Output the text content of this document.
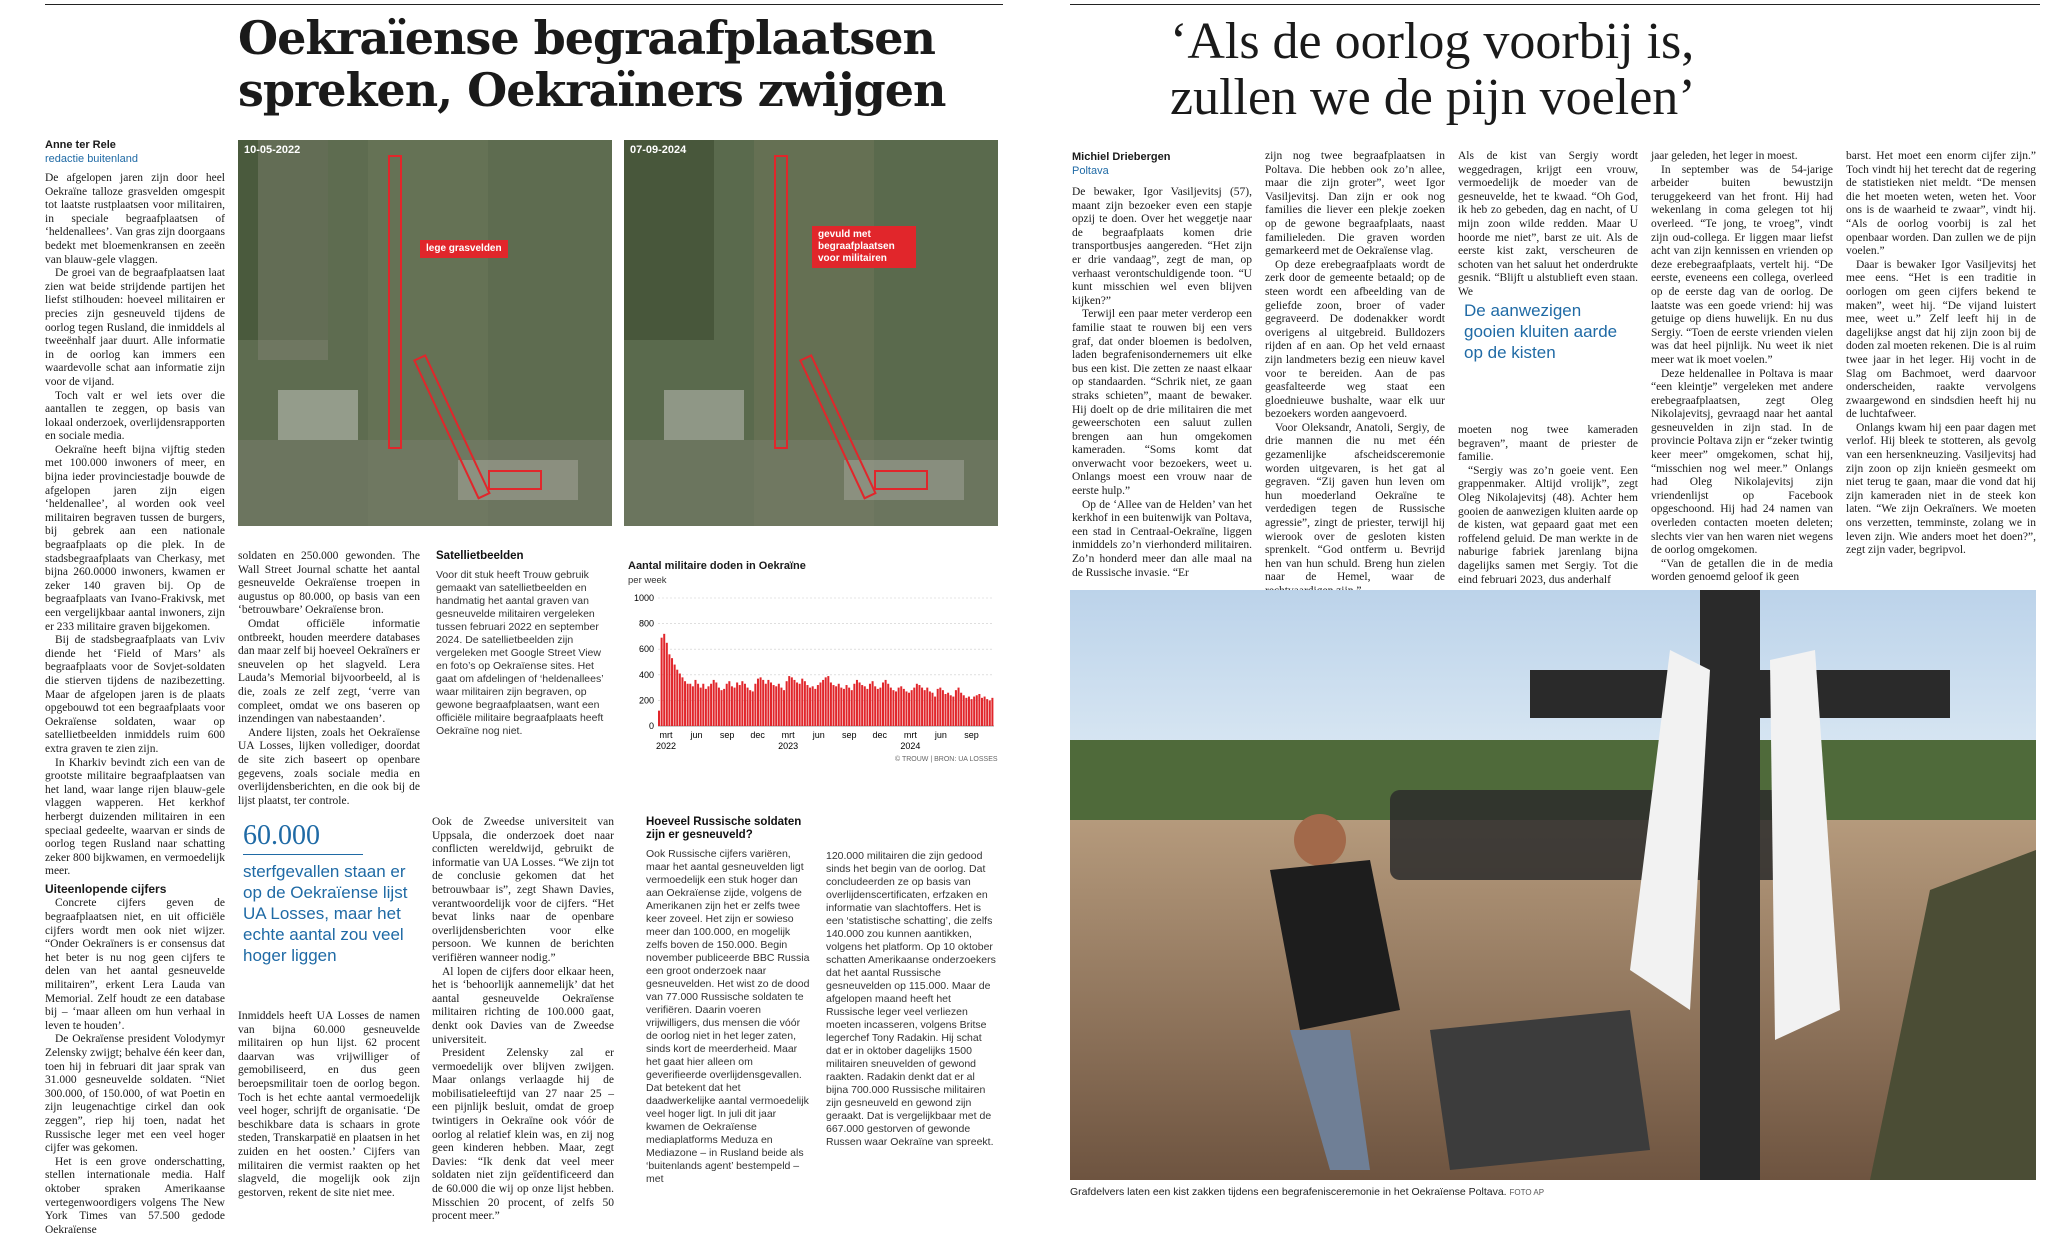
Oekraïense begraafplaatsen
spreken, Oekraïners zwijgen
Anne ter Rele
redactie buitenland

De afgelopen jaren zijn door heel Oekraïne talloze grasvelden omgespit tot laatste rustplaatsen voor militairen, in speciale begraafplaatsen of ‘heldenallees’. Van gras zijn doorgaans bedekt met bloemenkransen en zeeën van blauw-gele vlaggen.

De groei van de begraafplaatsen laat zien wat beide strijdende partijen het liefst stilhouden: hoeveel militairen er precies zijn gesneuveld tijdens de oorlog tegen Rusland, die inmiddels al tweeënhalf jaar duurt. Alle informatie in de oorlog kan immers een waardevolle schat aan informatie zijn voor de vijand.

Toch valt er wel iets over die aantallen te zeggen, op basis van lokaal onderzoek, overlijdensrapporten en sociale media.

Oekraïne heeft bijna vijftig steden met 100.000 inwoners of meer, en bijna ieder provinciestadje bouwde de afgelopen jaren zijn eigen ‘heldenallee’, al worden ook veel militairen begraven tussen de burgers, bij gebrek aan een nationale begraafplaats op die plek. In de stadsbegraafplaats van Cherkasy, met bijna 260.0000 inwoners, kwamen er zeker 140 graven bij. Op de begraafplaats van Ivano-Frakivsk, met een vergelijkbaar aantal inwoners, zijn er 233 militaire graven bijgekomen.

Bij de stadsbegraafplaats van Lviv diende het ‘Field of Mars’ als begraafplaats voor de Sovjet-soldaten die stierven tijdens de nazibezetting. Maar de afgelopen jaren is de plaats opgebouwd tot een begraafplaats voor Oekraïense soldaten, waar op satellietbeelden inmiddels ruim 600 extra graven te zien zijn.

In Kharkiv bevindt zich een van de grootste militaire begraafplaatsen van het land, waar lange rijen blauw-gele vlaggen wapperen. Het kerkhof herbergt duizenden militairen in een speciaal gedeelte, waarvan er sinds de oorlog tegen Rusland naar schatting zeker 800 bijkwamen, en vermoedelijk meer.

Uiteenlopende cijfers

Concrete cijfers geven de begraafplaatsen niet, en uit officiële cijfers wordt men ook niet wijzer. “Onder Oekraïners is er consensus dat het beter is nu nog geen cijfers te delen van het aantal gesneuvelde militairen”, erkent Lera Lauda van Memorial. Zelf houdt ze een database bij – ‘maar alleen om hun verhaal in leven te houden’.

De Oekraïense president Volodymyr Zelensky zwijgt; behalve één keer dan, toen hij in februari dit jaar sprak van 31.000 gesneuvelde soldaten. “Niet 300.000, of 150.000, of wat Poetin en zijn leugenachtige cirkel dan ook zeggen”, riep hij toen, nadat het Russische leger met een veel hoger cijfer was gekomen.

Het is een grove onderschatting, stellen internationale media. Half oktober spraken Amerikaanse vertegenwoordigers volgens The New York Times van 57.500 gedode Oekraïense

10-05-2022
lege grasvelden
07-09-2024
gevuld met begraafplaatsen voor militairen

soldaten en 250.000 gewonden. The Wall Street Journal schatte het aantal gesneuvelde Oekraïense troepen in augustus op 80.000, op basis van een ‘betrouwbare’ Oekraïense bron.

Omdat officiële informatie ontbreekt, houden meerdere databases dan maar zelf bij hoeveel Oekraïners er sneuvelen op het slagveld. Lera Lauda’s Memorial bijvoorbeeld, al is die, zoals ze zelf zegt, ‘verre van compleet, omdat we ons baseren op inzendingen van nabestaanden’.

Andere lijsten, zoals het Oekraïense UA Losses, lijken vollediger, doordat de site zich baseert op openbare gegevens, zoals sociale media en overlijdensberichten, en die ook bij de lijst plaatst, ter controle.

Satellietbeelden
Voor dit stuk heeft Trouw gebruik gemaakt van satellietbeelden en handmatig het aantal graven van gesneuvelde militairen vergeleken tussen februari 2022 en september 2024. De satellietbeelden zijn vergeleken met Google Street View en foto’s op Oekraïense sites. Het gaat om afdelingen of ‘heldenallees’ waar militairen zijn begraven, op gewone begraafplaatsen, want een officiële militaire begraafplaats heeft Oekraïne nog niet.
Aantal militaire doden in Oekraïne
per week
1000
800
600
400
200
0
mrt 2022
jun sep dec	mrt 2023
jun sep dec	mrt 2024
jun sep
© TROUW | BRON: UA LOSSES
60.000
sterfgevallen staan er op de Oekraïense lijst UA Losses, maar het echte aantal zou veel hoger liggen

Inmiddels heeft UA Losses de namen van bijna 60.000 gesneuvelde militairen op hun lijst. 62 procent daarvan was vrijwilliger of gemobiliseerd, en dus geen beroepsmilitair toen de oorlog begon. Toch is het echte aantal vermoedelijk veel hoger, schrijft de organisatie. ‘De beschikbare data is schaars in grote steden, Transkarpatië en plaatsen in het zuiden en het oosten.’ Cijfers van militairen die vermist raakten op het slagveld, die mogelijk ook zijn gestorven, rekent de site niet mee.

Ook de Zweedse universiteit van Uppsala, die onderzoek doet naar conflicten wereldwijd, gebruikt de informatie van UA Losses. “We zijn tot de conclusie gekomen dat het betrouwbaar is”, zegt Shawn Davies, verantwoordelijk voor de cijfers. “Het bevat links naar de openbare overlijdensberichten voor elke persoon. We kunnen de berichten verifiëren wanneer nodig.”

Al lopen de cijfers door elkaar heen, het is ‘behoorlijk aannemelijk’ dat het aantal gesneuvelde Oekraïense militairen richting de 100.000 gaat, denkt ook Davies van de Zweedse universiteit.

President Zelensky zal er vermoedelijk over blijven zwijgen. Maar onlangs verlaagde hij de mobilisatieleeftijd van 27 naar 25 – een pijnlijk besluit, omdat de groep twintigers in Oekraïne ook vóór de oorlog al relatief klein was, en zij nog geen kinderen hebben. Maar, zegt Davies: “Ik denk dat veel meer soldaten niet zijn geïdentificeerd dan de 60.000 die wij op onze lijst hebben. Misschien 20 procent, of zelfs 50 procent meer.”

Hoeveel Russische soldaten zijn er gesneuveld?
Ook Russische cijfers variëren, maar het aantal gesneuvelden ligt vermoedelijk een stuk hoger dan aan Oekraïense zijde, volgens de Amerikanen zijn het er zelfs twee keer zoveel. Het zijn er sowieso meer dan 100.000, en mogelijk zelfs boven de 150.000. Begin november publiceerde BBC Russia een groot onderzoek naar gesneuvelden. Het wist zo de dood van 77.000 Russische soldaten te verifiëren. Daarin voeren vrijwilligers, dus mensen die vóór de oorlog niet in het leger zaten, sinds kort de meerderheid. Maar het gaat hier alleen om geverifieerde overlijdensgevallen. Dat betekent dat het daadwerkelijke aantal vermoedelijk veel hoger ligt. In juli dit jaar kwamen de Oekraïense mediaplatforms Meduza en Mediazone – in Rusland beide als ‘buitenlands agent’ bestempeld – met
120.000 militairen die zijn gedood sinds het begin van de oorlog. Dat concludeerden ze op basis van overlijdenscertificaten, erfzaken en informatie van slachtoffers. Het is een ‘statistische schatting’, die zelfs 140.000 zou kunnen aantikken, volgens het platform. Op 10 oktober schatten Amerikaanse onderzoekers dat het aantal Russische gesneuvelden op 115.000. Maar de afgelopen maand heeft het Russische leger veel verliezen moeten incasseren, volgens Britse legerchef Tony Radakin. Hij schat dat er in oktober dagelijks 1500 militairen sneuvelden of gewond raakten. Radakin denkt dat er al bijna 700.000 Russische militairen zijn gesneuveld en gewond zijn geraakt. Dat is vergelijkbaar met de 667.000 gestorven of gewonde Russen waar Oekraïne van spreekt.
‘Als de oorlog voorbij is,
zullen we de pijn voelen’
Michiel Driebergen
Poltava

De bewaker, Igor Vasiljevitsj (57), maant zijn bezoeker even een stapje opzij te doen. Over het weggetje naar de begraafplaats komen drie transportbusjes aangereden. “Het zijn er drie vandaag”, zegt de man, op verhaast verontschuldigende toon. “U kunt misschien wel even blijven kijken?”

Terwijl een paar meter verderop een familie staat te rouwen bij een vers graf, dat onder bloemen is bedolven, laden begrafenisondernemers uit elke bus een kist. Die zetten ze naast elkaar op standaarden. “Schrik niet, ze gaan straks schieten”, maant de bewaker. Hij doelt op de drie militairen die met geweerschoten een saluut zullen brengen aan hun omgekomen kameraden. “Soms komt dat onverwacht voor bezoekers, weet u. Onlangs moest een vrouw naar de eerste hulp.”

Op de ‘Allee van de Helden’ van het kerkhof in een buitenwijk van Poltava, een stad in Centraal-Oekraïne, liggen inmiddels zo’n vierhonderd militairen. Zo’n honderd meer dan alle maal na de Russische invasie. “Er

zijn nog twee begraafplaatsen in Poltava. Die hebben ook zo’n allee, maar die zijn groter”, weet Igor Vasiljevitsj. Dan zijn er ook nog families die liever een plekje zoeken op de gewone begraafplaats, naast familieleden. Die graven worden gemarkeerd met de Oekraïense vlag.

Op deze erebegraafplaats wordt de zerk door de gemeente betaald; op de steen wordt een afbeelding van de geliefde zoon, broer of vader gegraveerd. De dodenakker wordt overigens al uitgebreid. Bulldozers rijden af en aan. Op het veld ernaast zijn landmeters bezig een nieuw kavel voor te bereiden. Aan de pas geasfalteerde weg staat een gloednieuwe bushalte, waar elk uur bezoekers worden aangevoerd.

Voor Oleksandr, Anatoli, Sergiy, de drie mannen die nu met één gezamenlijke afscheidsceremonie worden uitgevaren, is het gat al gegraven. “Zij gaven hun leven om hun moederland Oekraïne te verdedigen tegen de Russische agressie”, zingt de priester, terwijl hij wierook over de gesloten kisten sprenkelt. “God ontferm u. Bevrijd hen van hun schuld. Breng hun zielen naar de Hemel, waar de

Als de kist van Sergiy wordt weggedragen, krijgt een vrouw, vermoedelijk de moeder van de gesneuvelde, het te kwaad. “Oh God, ik heb zo gebeden, dag en nacht, of U mijn zoon wilde redden. Maar U hoorde me niet”, barst ze uit. Als de eerste kist zakt, verscheuren de schoten van het saluut het onderdrukte gesnik. “Blijft u alstublieft even staan. We

De aanwezigen gooien kluiten aarde op de kisten

moeten nog twee kameraden begraven”, maant de priester de familie.

“Sergiy was zo’n goeie vent. Een grappenmaker. Altijd vrolijk”, zegt Oleg Nikolajevitsj (48). Achter hem gooien de aanwezigen kluiten aarde op de kisten, wat gepaard gaat met een roffelend geluid. De man werkte in de naburige fabriek jarenlang bijna dagelijks samen met Sergiy. Tot die eind februari 2023, dus anderhalf

jaar geleden, het leger in moest.

In september was de 54-jarige arbeider buiten bewustzijn teruggekeerd van het front. Hij had wekenlang in coma gelegen tot hij overleed. “Te jong, te vroeg”, vindt zijn oud-collega. Er liggen maar liefst acht van zijn kennissen en vrienden op deze erebegraafplaats, vertelt hij. “De eerste, eveneens een collega, overleed op de eerste dag van de oorlog. De laatste was een goede vriend: hij was getuige op diens huwelijk. En nu dus Sergiy. “Toen de eerste vrienden vielen was dat heel pijnlijk. Nu weet ik niet meer wat ik moet voelen.”

Deze heldenallee in Poltava is maar “een kleintje” vergeleken met andere erebegraafplaatsen, zegt Oleg Nikolajevitsj, gevraagd naar het aantal gesneuvelden in zijn stad. In de provincie Poltava zijn er “zeker twintig keer meer” omgekomen, schat hij, “misschien nog wel meer.” Onlangs had Oleg Nikolajevitsj zijn vriendenlijst op Facebook opgeschoond. Hij had 24 namen van overleden contacten moeten deleten; slechts vier van hen waren niet wegens de oorlog omgekomen.

“Van de getallen die in de media worden genoemd geloof ik geen

barst. Het moet een enorm cijfer zijn.” Toch vindt hij het terecht dat de regering de statistieken niet meldt. “De mensen die het moeten weten, weten het. Voor ons is de waarheid te zwaar”, vindt hij. “Als de oorlog voorbij is zal het openbaar worden. Dan zullen we de pijn voelen.”

Daar is bewaker Igor Vasiljevitsj het mee eens. “Het is een traditie in oorlogen om geen cijfers bekend te maken”, weet hij. “De vijand luistert mee, weet u.” Zelf leeft hij in de dagelijkse angst dat hij zijn zoon bij de doden zal moeten rekenen. Die is al ruim twee jaar in het leger. Hij vocht in de Slag om Bachmoet, werd daarvoor onderscheiden, raakte vervolgens zwaargewond en sindsdien heeft hij nu de luchtafweer.

Onlangs kwam hij een paar dagen met verlof. Hij bleek te stotteren, als gevolg van een hersenkneuzing. Vasiljevitsj had zijn zoon op zijn knieën gesmeekt om niet terug te gaan, maar die vond dat hij zijn kameraden niet in de steek kon laten. “We zijn Oekraïners. We moeten ons verzetten, temminste, zolang we in leven zijn. Wie anders moet het doen?”, zegt zijn vader, begripvol.

Grafdelvers laten een kist zakken tijdens een begrafenisceremonie in het Oekraïense Poltava. FOTO AP
